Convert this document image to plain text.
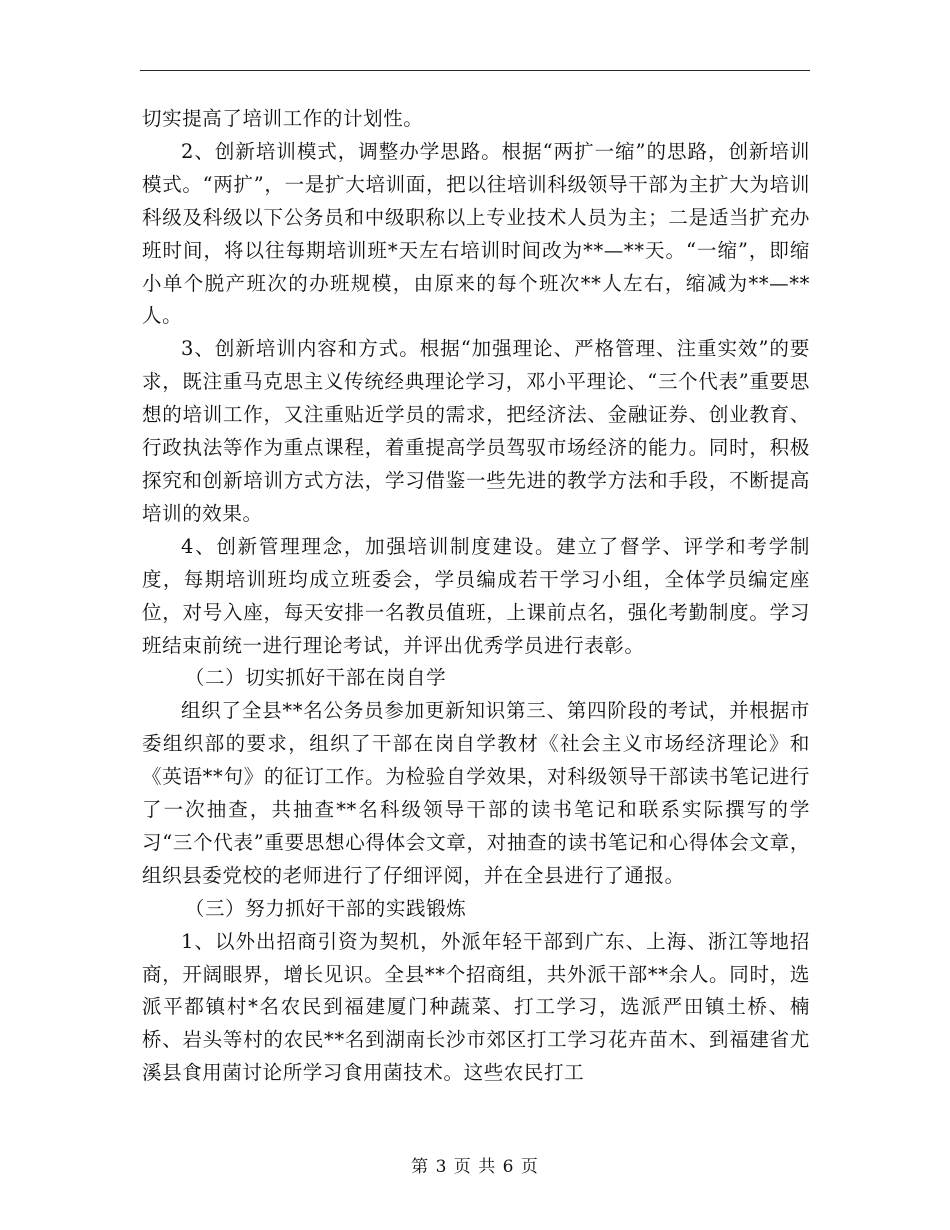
切实提高了培训工作的计划性。

2、创新培训模式，调整办学思路。根据“两扩一缩”的思路，创新培训模式。“两扩”，一是扩大培训面，把以往培训科级领导干部为主扩大为培训科级及科级以下公务员和中级职称以上专业技术人员为主；二是适当扩充办班时间，将以往每期培训班*天左右培训时间改为**—**天。“一缩”，即缩小单个脱产班次的办班规模，由原来的每个班次**人左右，缩减为**—**人。

3、创新培训内容和方式。根据“加强理论、严格管理、注重实效”的要求，既注重马克思主义传统经典理论学习，邓小平理论、“三个代表”重要思想的培训工作，又注重贴近学员的需求，把经济法、金融证券、创业教育、行政执法等作为重点课程，着重提高学员驾驭市场经济的能力。同时，积极探究和创新培训方式方法，学习借鉴一些先进的教学方法和手段，不断提高培训的效果。

4、创新管理理念，加强培训制度建设。建立了督学、评学和考学制度，每期培训班均成立班委会，学员编成若干学习小组，全体学员编定座位，对号入座，每天安排一名教员值班，上课前点名，强化考勤制度。学习班结束前统一进行理论考试，并评出优秀学员进行表彰。

（二）切实抓好干部在岗自学

组织了全县**名公务员参加更新知识第三、第四阶段的考试，并根据市委组织部的要求，组织了干部在岗自学教材《社会主义市场经济理论》和《英语**句》的征订工作。为检验自学效果，对科级领导干部读书笔记进行了一次抽查，共抽查**名科级领导干部的读书笔记和联系实际撰写的学习“三个代表”重要思想心得体会文章，对抽查的读书笔记和心得体会文章，组织县委党校的老师进行了仔细评阅，并在全县进行了通报。

（三）努力抓好干部的实践锻炼

1、以外出招商引资为契机，外派年轻干部到广东、上海、浙江等地招商，开阔眼界，增长见识。全县**个招商组，共外派干部**余人。同时，选派平都镇村*名农民到福建厦门种蔬菜、打工学习，选派严田镇土桥、楠桥、岩头等村的农民**名到湖南长沙市郊区打工学习花卉苗木、到福建省尤溪县食用菌讨论所学习食用菌技术。这些农民打工

第 3 页 共 6 页
